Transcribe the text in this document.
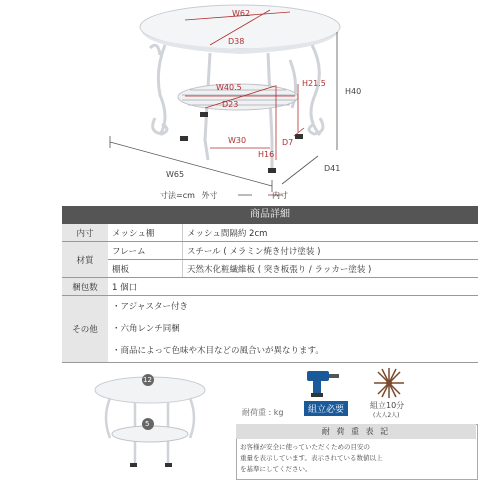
W62
D38
H40
H21.5
W40.5
D23
W30	D7
H16
W65
D41
寸法=cm 外寸	内寸
商品詳細
内寸	メッシュ棚	メッシュ間隔約 2cm
材質	フレーム	スチール ( メラミン焼き付け塗装 )
	棚板	天然木化粧繊維板 ( 突き板張り / ラッカー塗装 )
梱包数	1 個口	
その他	・アジャスター付き
・六角レンチ同梱
・商品によって色味や木目などの風合いが異なります。	
12
5
耐荷重 : kg	組立必要	組立10分
(大人2人)
耐 荷 重 表 記
お客様が安全に使っていただくための目安の
重量を表示しています。表示されている数値以上
を基準にしてください。
